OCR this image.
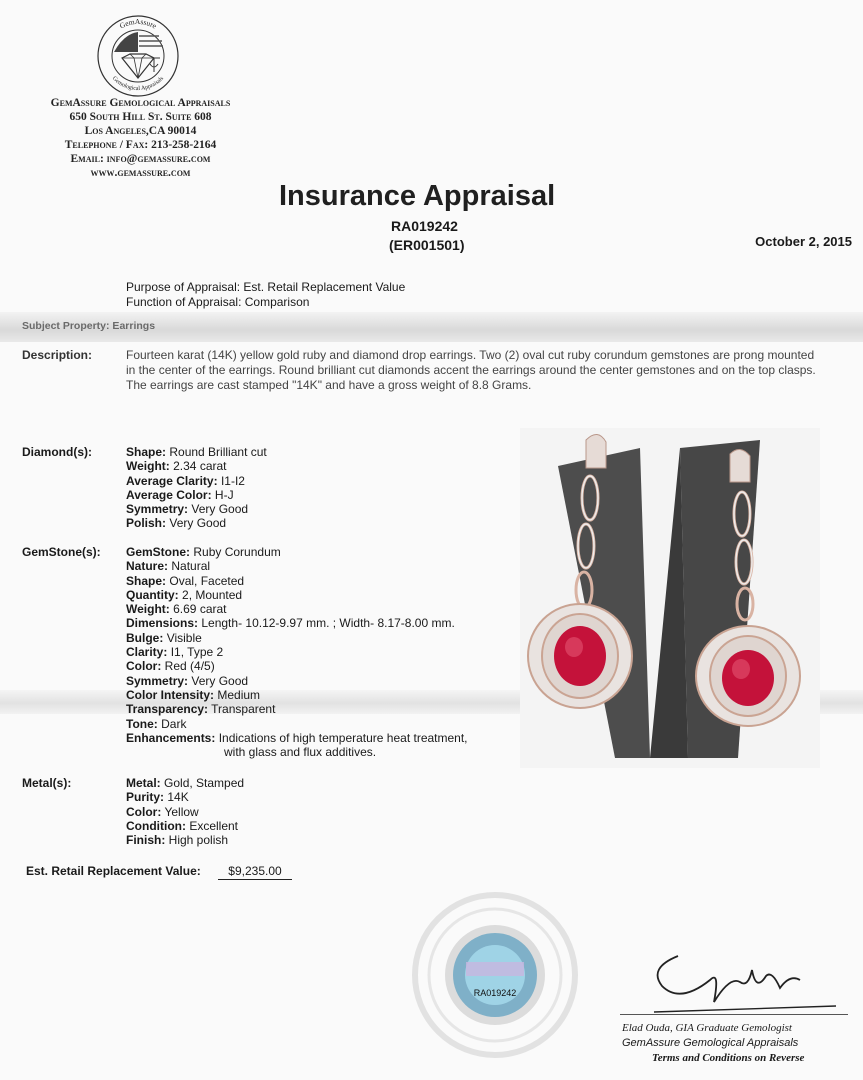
GemAssure
Gemological Appraisals
GemAssure Gemological Appraisals
650 South Hill St. Suite 608
Los Angeles,CA 90014
Telephone / Fax: 213-258-2164
Email: info@gemassure.com
www.gemassure.com
Insurance Appraisal
RA019242
(ER001501)	October 2, 2015
Purpose of Appraisal: Est. Retail Replacement Value
Function of Appraisal: Comparison
Subject Property: Earrings
Description:	Fourteen karat (14K) yellow gold ruby and diamond drop earrings. Two (2) oval cut ruby corundum gemstones are prong mounted in the center of the earrings. Round brilliant cut diamonds accent the earrings around the center gemstones and on the top clasps. The earrings are cast stamped "14K" and have a gross weight of 8.8 Grams.
Diamond(s):	Shape: Round Brilliant cut
Weight: 2.34 carat
Average Clarity: I1-I2
Average Color: H-J
Symmetry: Very Good
Polish: Very Good
GemStone(s): GemStone: Ruby Corundum
Nature: Natural
Shape: Oval, Faceted
Quantity: 2, Mounted
Weight: 6.69 carat
Dimensions: Length- 10.12-9.97 mm. ; Width- 8.17-8.00 mm.
Bulge: Visible
Clarity: I1, Type 2
Color: Red (4/5)
Symmetry: Very Good
Color Intensity: Medium
Transparency: Transparent
Tone: Dark
Enhancements: Indications of high temperature heat treatment,
with glass and flux additives.
Metal(s):	Metal: Gold, Stamped
Purity: 14K
Color: Yellow
Condition: Excellent
Finish: High polish
Est. Retail Replacement Value:	$9,235.00
RA019242
Elad Ouda, GIA Graduate Gemologist
GemAssure Gemological Appraisals
Terms and Conditions on Reverse
